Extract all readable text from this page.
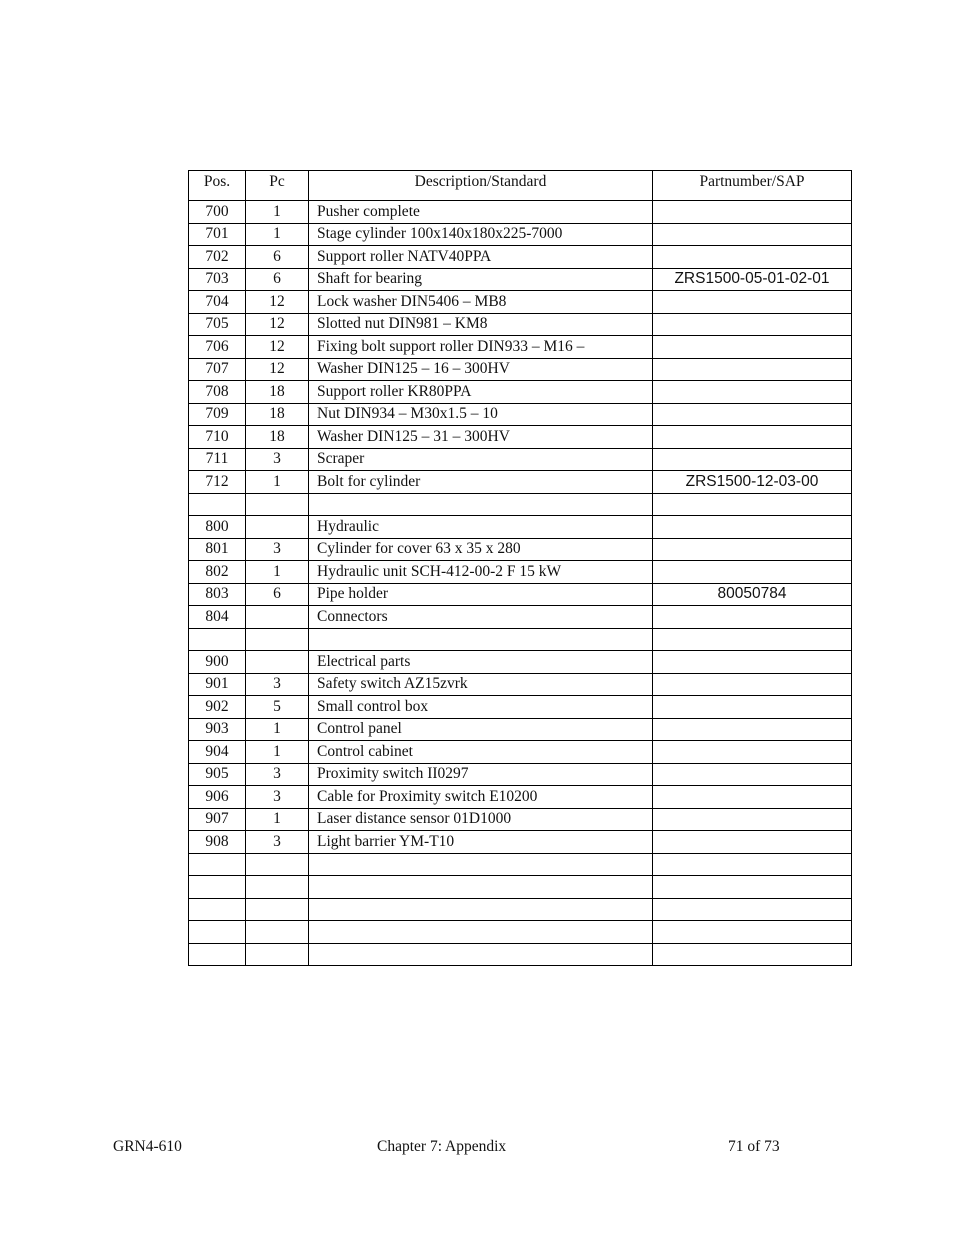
Pos.	Pc	Description/Standard	Partnumber/SAP
700	1	Pusher complete	
701	1	Stage cylinder 100x140x180x225-7000	
702	6	Support roller NATV40PPA	
703	6	Shaft for bearing	ZRS1500-05-01-02-01
704	12	Lock washer DIN5406 – MB8	
705	12	Slotted nut DIN981 – KM8	
706	12	Fixing bolt support roller DIN933 – M16 –	
707	12	Washer DIN125 – 16 – 300HV	
708	18	Support roller KR80PPA	
709	18	Nut DIN934 – M30x1.5 – 10	
710	18	Washer DIN125 – 31 – 300HV	
711	3	Scraper	
712	1	Bolt for cylinder	ZRS1500-12-03-00

800		Hydraulic	
801	3	Cylinder for cover 63 x 35 x 280	
802	1	Hydraulic unit SCH-412-00-2 F 15 kW	
803	6	Pipe holder	80050784
804		Connectors	

900		Electrical parts	
901	3	Safety switch AZ15zvrk	
902	5	Small control box	
903	1	Control panel	
904	1	Control cabinet	
905	3	Proximity switch II0297	
906	3	Cable for Proximity switch E10200	
907	1	Laser distance sensor 01D1000	
908	3	Light barrier YM-T10	

GRN4-610	Chapter 7: Appendix	71 of 73
